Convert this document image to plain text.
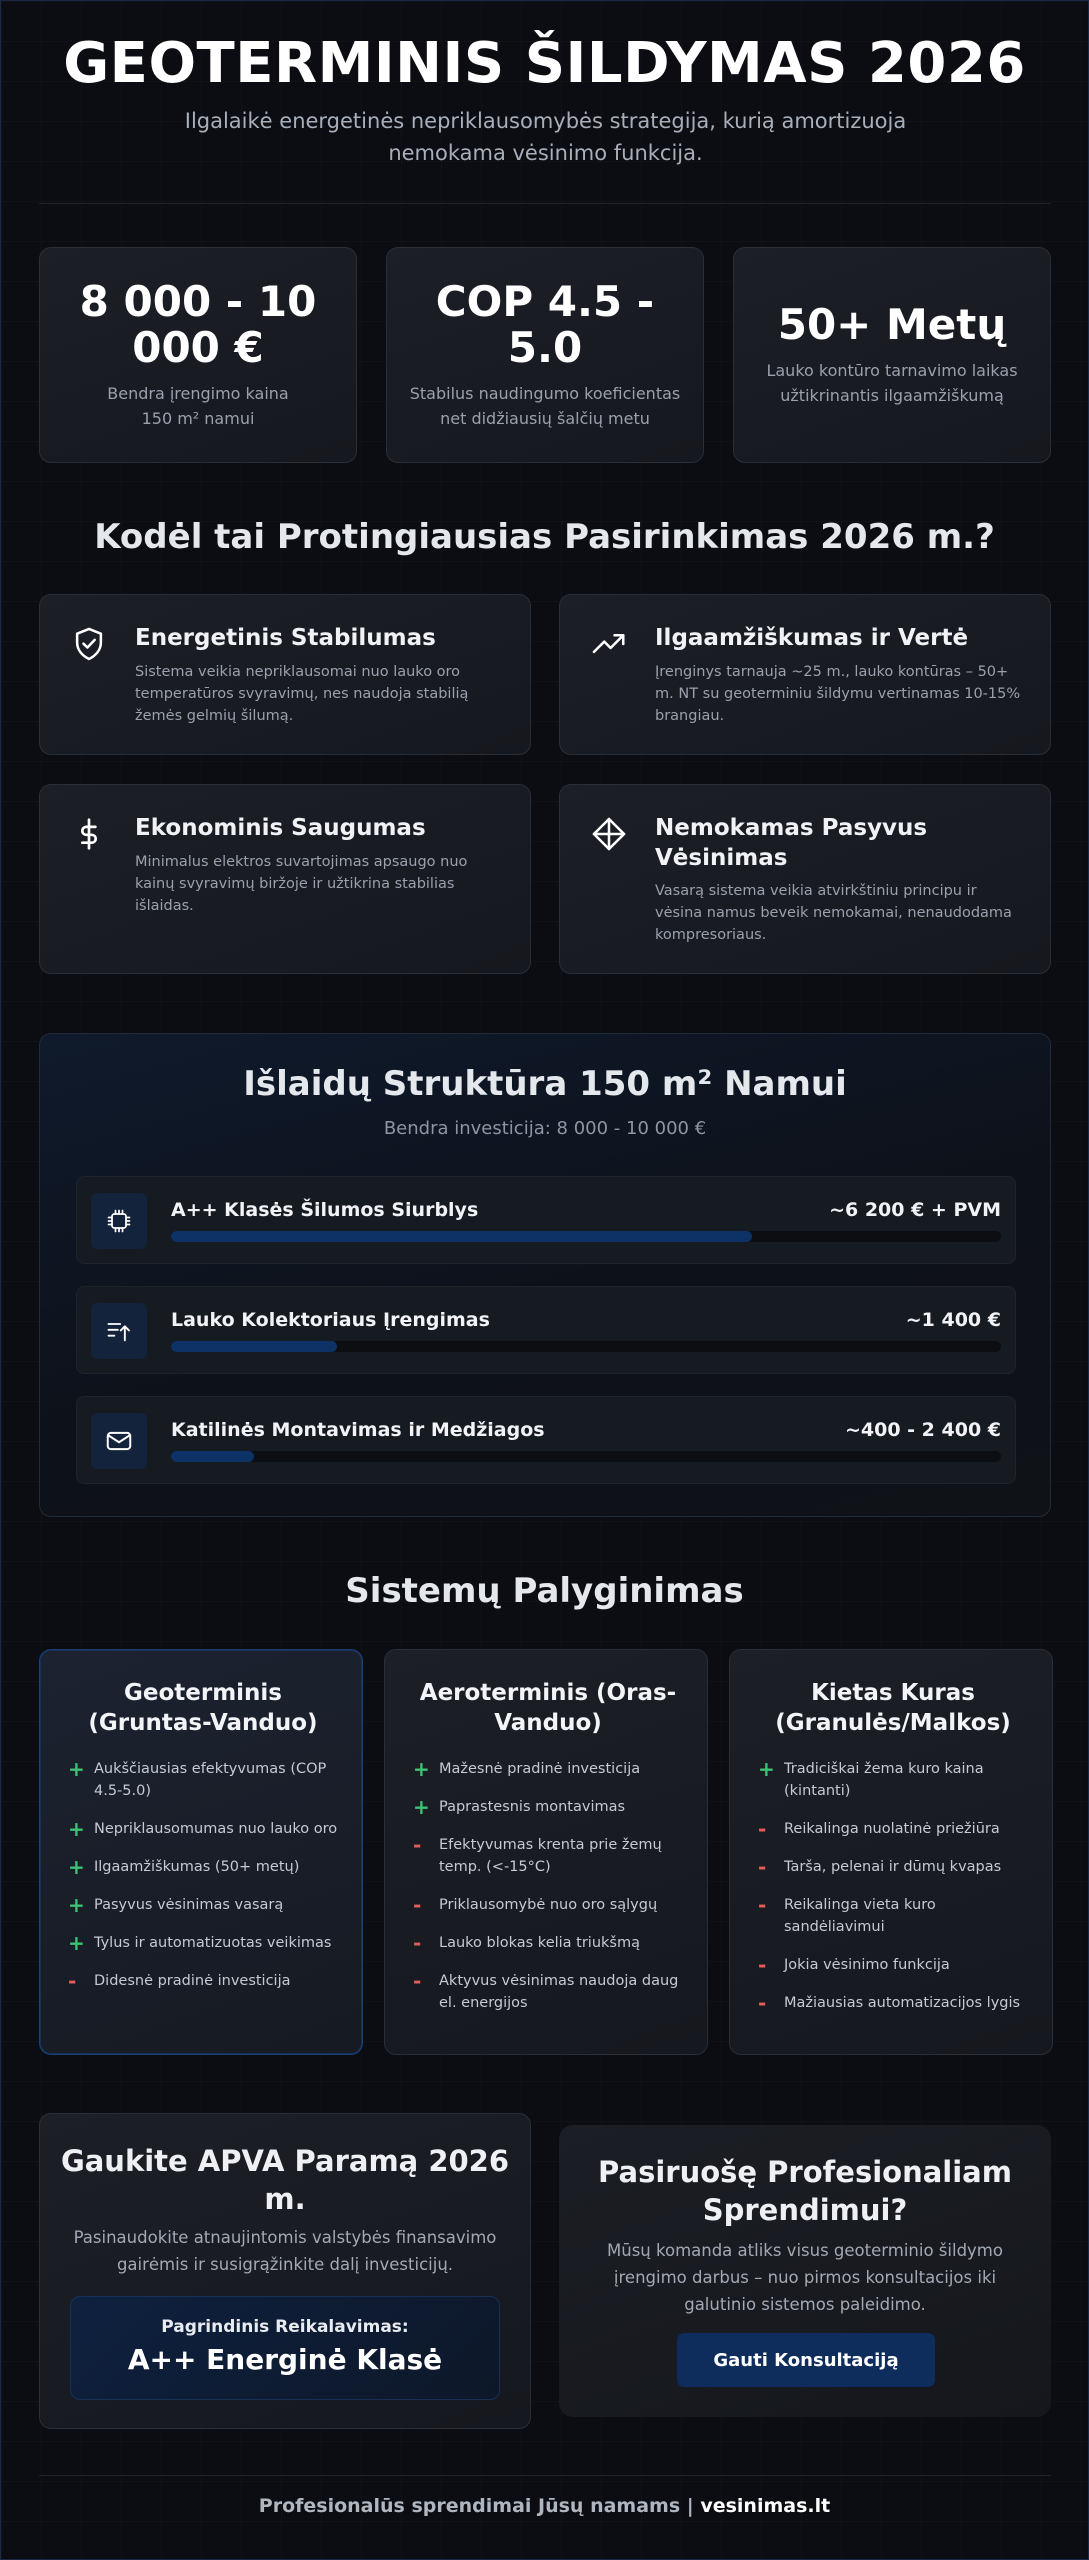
GEOTERMINIS ŠILDYMAS 2026

Ilgalaikė energetinės nepriklausomybės strategija, kurią amortizuoja nemokama vėsinimo funkcija.

8 000 - 10 000 €
Bendra įrengimo kaina
150 m² namui
COP 4.5 - 5.0
Stabilus naudingumo koeficientas
net didžiausių šalčių metu
50+ Metų
Lauko kontūro tarnavimo laikas
užtikrinantis ilgaamžiškumą
Kodėl tai Protingiausias Pasirinkimas 2026 m.?
Energetinis Stabilumas
Sistema veikia nepriklausomai nuo lauko oro temperatūros svyravimų, nes naudoja stabilią žemės gelmių šilumą.
Ilgaamžiškumas ir Vertė
Įrenginys tarnauja ~25 m., lauko kontūras – 50+ m. NT su geoterminiu šildymu vertinamas 10-15% brangiau.
Ekonominis Saugumas
Minimalus elektros suvartojimas apsaugo nuo kainų svyravimų biržoje ir užtikrina stabilias išlaidas.
Nemokamas Pasyvus Vėsinimas
Vasarą sistema veikia atvirkštiniu principu ir vėsina namus beveik nemokamai, nenaudodama kompresoriaus.
Išlaidų Struktūra 150 m² Namui
Bendra investicija: 8 000 - 10 000 €
A++ Klasės Šilumos Siurblys	~6 200 € + PVM
Lauko Kolektoriaus Įrengimas	~1 400 €
Katilinės Montavimas ir Medžiagos	~400 - 2 400 €
Sistemų Palyginimas
Geoterminis (Gruntas-Vanduo)
+ Aukščiausias efektyvumas (COP 4.5-5.0)
+ Nepriklausomumas nuo lauko oro
+ Ilgaamžiškumas (50+ metų)
+ Pasyvus vėsinimas vasarą
+ Tylus ir automatizuotas veikimas
- Didesnė pradinė investicija
Aeroterminis (Oras-Vanduo)
+ Mažesnė pradinė investicija
+ Paprastesnis montavimas
- Efektyvumas krenta prie žemų temp. (<-15°C)
- Priklausomybė nuo oro sąlygų
- Lauko blokas kelia triukšmą
- Aktyvus vėsinimas naudoja daug el. energijos
Kietas Kuras (Granulės/Malkos)
+ Tradiciškai žema kuro kaina (kintanti)
- Reikalinga nuolatinė priežiūra
- Tarša, pelenai ir dūmų kvapas
- Reikalinga vieta kuro sandėliavimui
- Jokia vėsinimo funkcija
- Mažiausias automatizacijos lygis
Gaukite APVA Paramą 2026 m.
Pasinaudokite atnaujintomis valstybės finansavimo gairėmis ir susigrąžinkite dalį investicijų.
Pagrindinis Reikalavimas:
A++ Energinė Klasė
Pasiruošę Profesionaliam Sprendimui?
Mūsų komanda atliks visus geoterminio šildymo įrengimo darbus – nuo pirmos konsultacijos iki galutinio sistemos paleidimo.
Gauti Konsultaciją
Profesionalūs sprendimai Jūsų namams | vesinimas.lt
